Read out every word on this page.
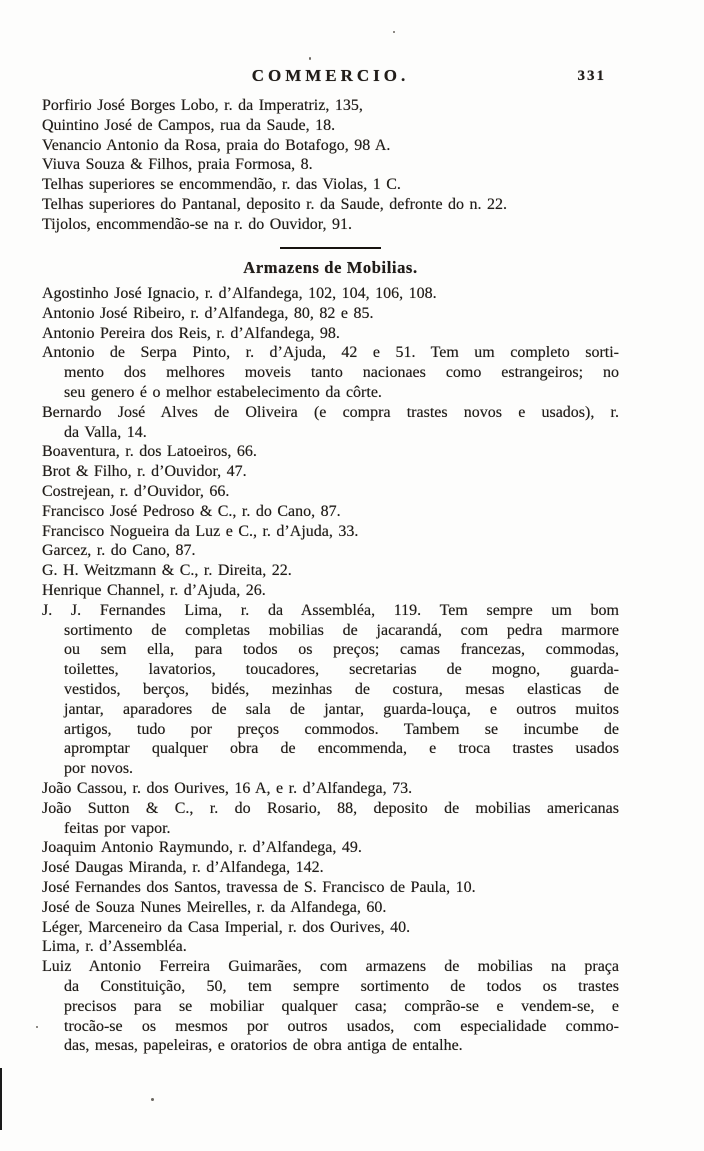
COMMERCIO.	331
Porfirio José Borges Lobo, r. da Imperatriz, 135,
Quintino José de Campos, rua da Saude, 18.
Venancio Antonio da Rosa, praia do Botafogo, 98 A.
Viuva Souza & Filhos, praia Formosa, 8.
Telhas superiores se encommendão, r. das Violas, 1 C.
Telhas superiores do Pantanal, deposito r. da Saude, defronte do n. 22.
Tijolos, encommendão-se na r. do Ouvidor, 91.
Armazens de Mobilias.
Agostinho José Ignacio, r. d’Alfandega, 102, 104, 106, 108.
Antonio José Ribeiro, r. d’Alfandega, 80, 82 e 85.
Antonio Pereira dos Reis, r. d’Alfandega, 98.
Antonio de Serpa Pinto, r. d’Ajuda, 42 e 51. Tem um completo sorti-
mento dos melhores moveis tanto nacionaes como estrangeiros; no
seu genero é o melhor estabelecimento da côrte.
Bernardo José Alves de Oliveira (e compra trastes novos e usados), r.
da Valla, 14.
Boaventura, r. dos Latoeiros, 66.
Brot & Filho, r. d’Ouvidor, 47.
Costrejean, r. d’Ouvidor, 66.
Francisco José Pedroso & C., r. do Cano, 87.
Francisco Nogueira da Luz e C., r. d’Ajuda, 33.
Garcez, r. do Cano, 87.
G. H. Weitzmann & C., r. Direita, 22.
Henrique Channel, r. d’Ajuda, 26.
J. J. Fernandes Lima, r. da Assembléa, 119. Tem sempre um bom
sortimento de completas mobilias de jacarandá, com pedra marmore
ou sem ella, para todos os preços; camas francezas, commodas,
toilettes, lavatorios, toucadores, secretarias de mogno, guarda-
vestidos, berços, bidés, mezinhas de costura, mesas elasticas de
jantar, aparadores de sala de jantar, guarda-louça, e outros muitos
artigos, tudo por preços commodos. Tambem se incumbe de
apromptar qualquer obra de encommenda, e troca trastes usados
por novos.
João Cassou, r. dos Ourives, 16 A, e r. d’Alfandega, 73.
João Sutton & C., r. do Rosario, 88, deposito de mobilias americanas
feitas por vapor.
Joaquim Antonio Raymundo, r. d’Alfandega, 49.
José Daugas Miranda, r. d’Alfandega, 142.
José Fernandes dos Santos, travessa de S. Francisco de Paula, 10.
José de Souza Nunes Meirelles, r. da Alfandega, 60.
Léger, Marceneiro da Casa Imperial, r. dos Ourives, 40.
Lima, r. d’Assembléa.
Luiz Antonio Ferreira Guimarães, com armazens de mobilias na praça
da Constituição, 50, tem sempre sortimento de todos os trastes
precisos para se mobiliar qualquer casa; comprão-se e vendem-se, e
trocão-se os mesmos por outros usados, com especialidade commo-
das, mesas, papeleiras, e oratorios de obra antiga de entalhe.
